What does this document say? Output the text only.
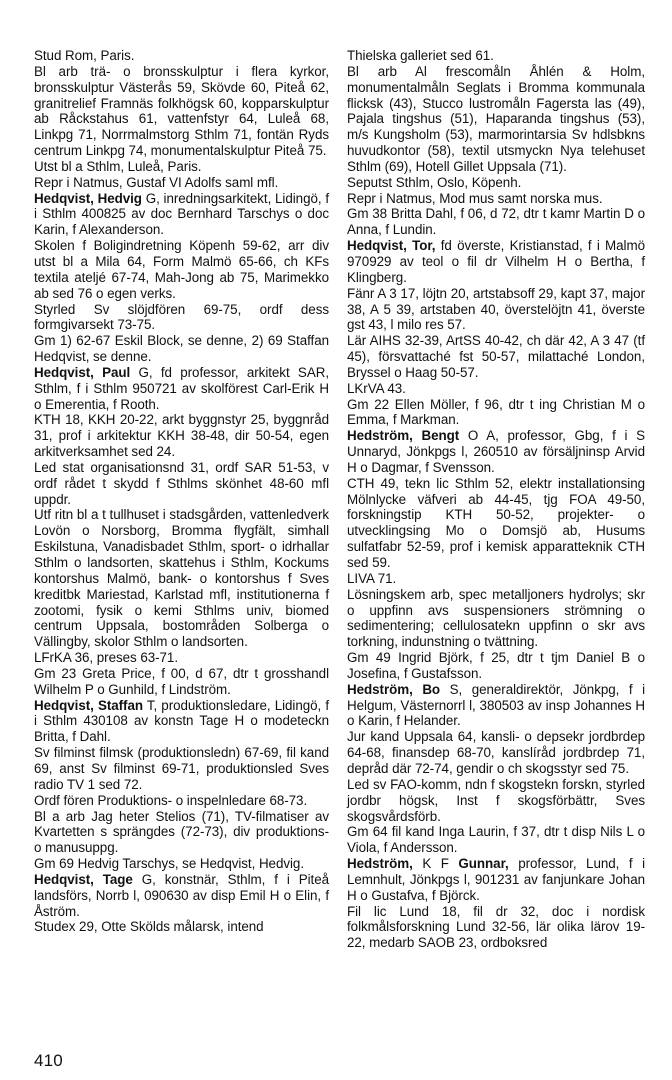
Stud Rom, Paris.

Bl arb trä- o bronsskulptur i flera kyrkor, bronsskulptur Västerås 59, Skövde 60, Piteå 62, granitrelief Framnäs folkhögsk 60, kopparskulptur ab Råckstahus 61, vattenfstyr 64, Luleå 68, Linkpg 71, Norrmalmstorg Sthlm 71, fontän Ryds centrum Linkpg 74, monumentalskulptur Piteå 75.

Utst bl a Sthlm, Luleå, Paris.

Repr i Natmus, Gustaf VI Adolfs saml mfl.

Hedqvist, Hedvig G, inredningsarkitekt, Lidingö, f i Sthlm 400825 av doc Bernhard Tarschys o doc Karin, f Alexanderson.

Skolen f Boligindretning Köpenh 59-62, arr div utst bl a Mila 64, Form Malmö 65-66, ch KFs textila ateljé 67-74, Mah-Jong ab 75, Marimekko ab sed 76 o egen verks.

Styrled Sv slöjdfören 69-75, ordf dess formgivarsekt 73-75.

Gm 1) 62-67 Eskil Block, se denne, 2) 69 Staffan Hedqvist, se denne.

Hedqvist, Paul G, fd professor, arkitekt SAR, Sthlm, f i Sthlm 950721 av skolförest Carl-Erik H o Emerentia, f Rooth.

KTH 18, KKH 20-22, arkt byggnstyr 25, byggnråd 31, prof i arkitektur KKH 38-48, dir 50-54, egen arkitverksamhet sed 24.

Led stat organisationsnd 31, ordf SAR 51-53, v ordf rådet t skydd f Sthlms skönhet 48-60 mfl uppdr.

Utf ritn bl a t tullhuset i stadsgården, vattenledverk Lovön o Norsborg, Bromma flygfält, simhall Eskilstuna, Vanadisbadet Sthlm, sport- o idrhallar Sthlm o landsorten, skattehus i Sthlm, Kockums kontorshus Malmö, bank- o kontorshus f Sves kreditbk Mariestad, Karlstad mfl, institutionerna f zootomi, fysik o kemi Sthlms univ, biomed centrum Uppsala, bostområden Solberga o Vällingby, skolor Sthlm o landsorten.

LFrKA 36, preses 63-71.

Gm 23 Greta Price, f 00, d 67, dtr t grosshandl Wilhelm P o Gunhild, f Lindström.

Hedqvist, Staffan T, produktionsledare, Lidingö, f i Sthlm 430108 av konstn Tage H o modeteckn Britta, f Dahl.

Sv filminst filmsk (produktionsledn) 67-69, fil kand 69, anst Sv filminst 69-71, produktionsled Sves radio TV 1 sed 72.

Ordf fören Produktions- o inspelnledare 68-73.

Bl a arb Jag heter Stelios (71), TV-filmatiser av Kvartetten s sprängdes (72-73), div produktions- o manusuppg.

Gm 69 Hedvig Tarschys, se Hedqvist, Hedvig.

Hedqvist, Tage G, konstnär, Sthlm, f i Piteå landsförs, Norrb l, 090630 av disp Emil H o Elin, f Åström.

Studex 29, Otte Skölds målarsk, intend

Thielska galleriet sed 61.

Bl arb Al frescomåln Åhlén & Holm, monumentalmåln Seglats i Bromma kommunala flicksk (43), Stucco lustromåln Fagersta las (49), Pajala tingshus (51), Haparanda tingshus (53), m/s Kungsholm (53), marmorintarsia Sv hdlsbkns huvudkontor (58), textil utsmyckn Nya telehuset Sthlm (69), Hotell Gillet Uppsala (71).

Seputst Sthlm, Oslo, Köpenh.

Repr i Natmus, Mod mus samt norska mus.

Gm 38 Britta Dahl, f 06, d 72, dtr t kamr Martin D o Anna, f Lundin.

Hedqvist, Tor, fd överste, Kristianstad, f i Malmö 970929 av teol o fil dr Vilhelm H o Bertha, f Klingberg.

Fänr A 3 17, löjtn 20, artstabsoff 29, kapt 37, major 38, A 5 39, artstaben 40, överstelöjtn 41, överste gst 43, l milo res 57.

Lär AIHS 32-39, ArtSS 40-42, ch där 42, A 3 47 (tf 45), försvattaché fst 50-57, milattaché London, Bryssel o Haag 50-57.

LKrVA 43.

Gm 22 Ellen Möller, f 96, dtr t ing Christian M o Emma, f Markman.

Hedström, Bengt O A, professor, Gbg, f i S Unnaryd, Jönkpgs l, 260510 av försäljninsp Arvid H o Dagmar, f Svensson.

CTH 49, tekn lic Sthlm 52, elektr installationsing Mölnlycke väfveri ab 44-45, tjg FOA 49-50, forskningstip KTH 50-52, projekter- o utvecklingsing Mo o Domsjö ab, Husums sulfatfabr 52-59, prof i kemisk apparatteknik CTH sed 59.

LIVA 71.

Lösningskem arb, spec metalljoners hydrolys; skr o uppfinn avs suspensioners strömning o sedimentering; cellulosatekn uppfinn o skr avs torkning, indunstning o tvättning.

Gm 49 Ingrid Björk, f 25, dtr t tjm Daniel B o Josefina, f Gustafsson.

Hedström, Bo S, generaldirektör, Jönkpg, f i Helgum, Västernorrl l, 380503 av insp Johannes H o Karin, f Helander.

Jur kand Uppsala 64, kansli- o depsekr jordbrdep 64-68, finansdep 68-70, kanslíråd jordbrdep 71, depråd där 72-74, gendir o ch skogsstyr sed 75.

Led sv FAO-komm, ndn f skogstekn forskn, styrled jordbr högsk, Inst f skogsförbättr, Sves skogsvårdsförb.

Gm 64 fil kand Inga Laurin, f 37, dtr t disp Nils L o Viola, f Andersson.

Hedström, K F Gunnar, professor, Lund, f i Lemnhult, Jönkpgs l, 901231 av fanjunkare Johan H o Gustafva, f Björck.

Fil lic Lund 18, fil dr 32, doc i nordisk folkmålsforskning Lund 32-56, lär olika lärov 19-22, medarb SAOB 23, ordboksred

410
